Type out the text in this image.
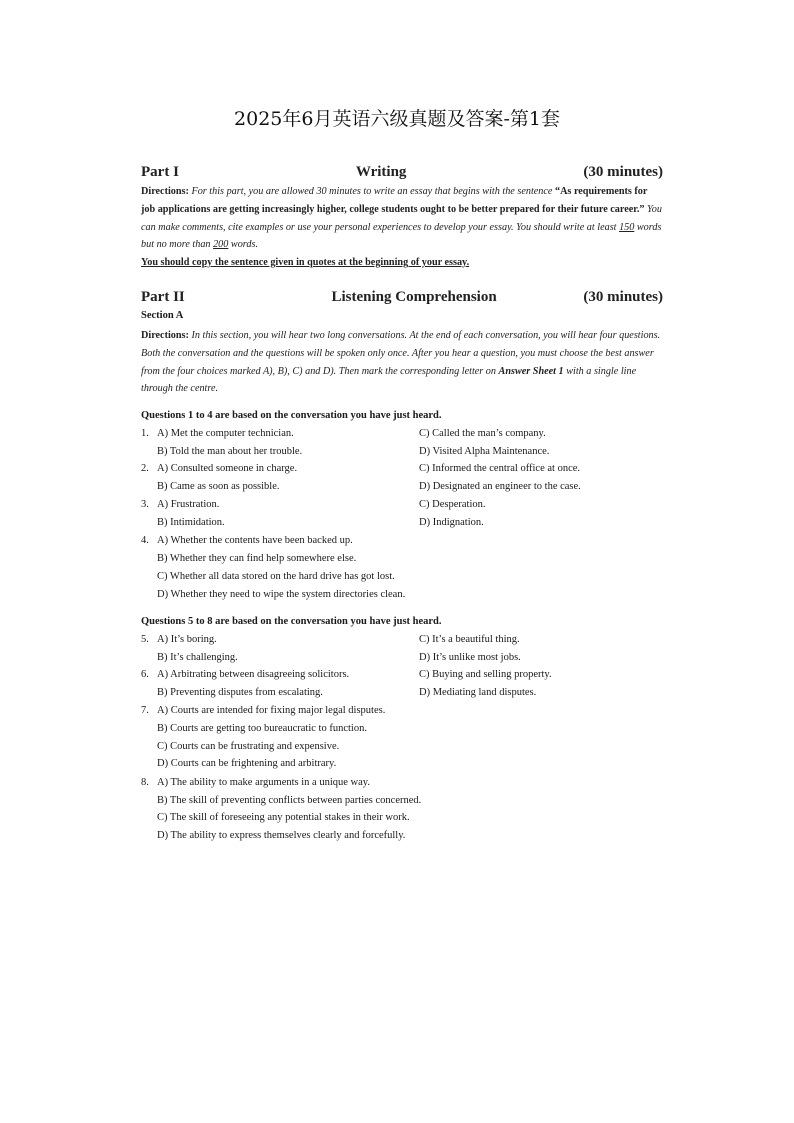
2025年6月英语六级真题及答案-第1套
Part I	Writing	(30 minutes)
Directions: For this part, you are allowed 30 minutes to write an essay that begins with the sentence “As requirements for job applications are getting increasingly higher, college students ought to be better prepared for their future career.” You can make comments, cite examples or use your personal experiences to develop your essay. You should write at least 150 words but no more than 200 words.
You should copy the sentence given in quotes at the beginning of your essay.
Part II	Listening Comprehension	(30 minutes)
Section A
Directions: In this section, you will hear two long conversations. At the end of each conversation, you will hear four questions. Both the conversation and the questions will be spoken only once. After you hear a question, you must choose the best answer from the four choices marked A), B), C) and D). Then mark the corresponding letter on Answer Sheet 1 with a single line through the centre.
Questions 1 to 4 are based on the conversation you have just heard.
1. A) Met the computer technician.	C) Called the man’s company.
B) Told the man about her trouble.	D) Visited Alpha Maintenance.
2. A) Consulted someone in charge.	C) Informed the central office at once.
B) Came as soon as possible.	D) Designated an engineer to the case.
3. A) Frustration.	C) Desperation.
B) Intimidation.	D) Indignation.
4. A) Whether the contents have been backed up.
B) Whether they can find help somewhere else.
C) Whether all data stored on the hard drive has got lost.
D) Whether they need to wipe the system directories clean.
Questions 5 to 8 are based on the conversation you have just heard.
5. A) It’s boring.	C) It’s a beautiful thing.
B) It’s challenging.	D) It’s unlike most jobs.
6. A) Arbitrating between disagreeing solicitors.	C) Buying and selling property.
B) Preventing disputes from escalating.	D) Mediating land disputes.
7. A) Courts are intended for fixing major legal disputes.
B) Courts are getting too bureaucratic to function.
C) Courts can be frustrating and expensive.
D) Courts can be frightening and arbitrary.
8. A) The ability to make arguments in a unique way.
B) The skill of preventing conflicts between parties concerned.
C) The skill of foreseeing any potential stakes in their work.
D) The ability to express themselves clearly and forcefully.
